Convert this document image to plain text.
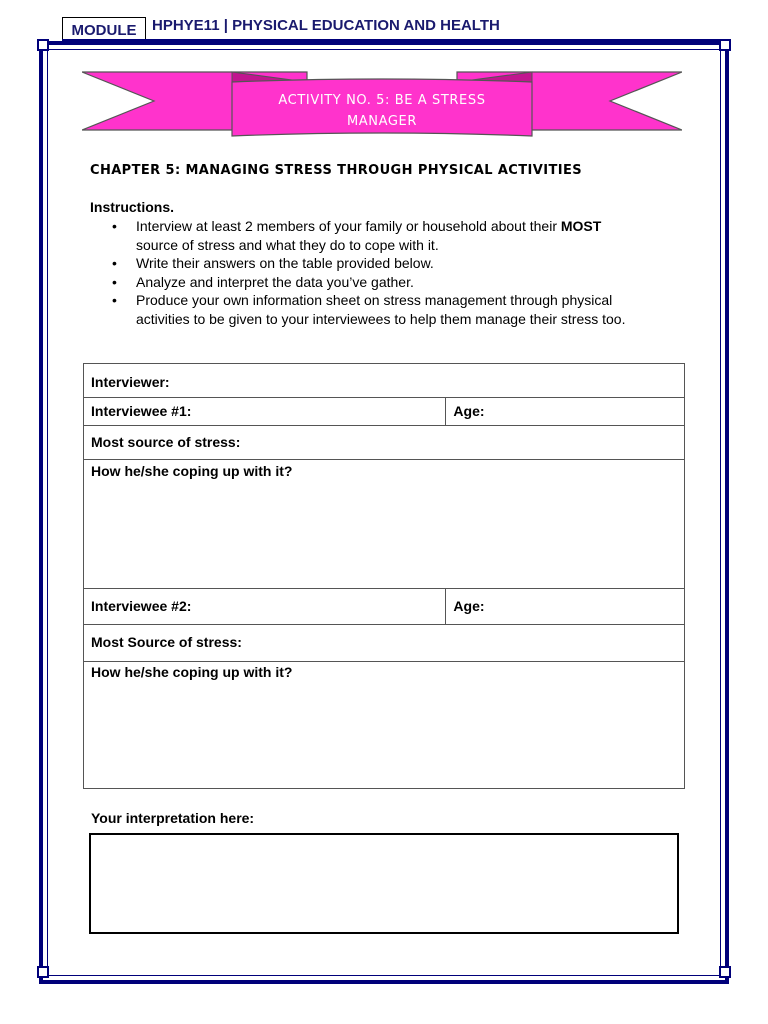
MODULE	HPHYE11 | PHYSICAL EDUCATION AND HEALTH
ACTIVITY NO. 5: BE A STRESS
MANAGER
CHAPTER 5: MANAGING STRESS THROUGH PHYSICAL ACTIVITIES
Instructions.
• Interview at least 2 members of your family or household about their MOST
source of stress and what they do to cope with it.
• Write their answers on the table provided below.
• Analyze and interpret the data you’ve gather.
• Produce your own information sheet on stress management through physical
activities to be given to your interviewees to help them manage their stress too.
Interviewer:	
Interviewee #1:	Age:
Most source of stress:	
How he/she coping up with it?	
Interviewee #2:	Age:
Most Source of stress:	
How he/she coping up with it?	
Your interpretation here:
